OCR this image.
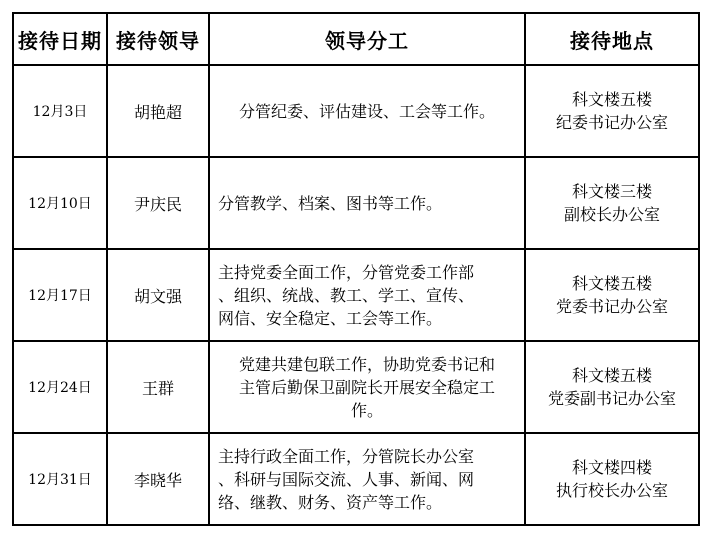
接待日期	接待领导	领导分工	接待地点
12月3日	胡艳超	分管纪委、评估建设、工会等工作。	科文楼五楼
纪委书记办公室

12月10日	尹庆民	分管教学、档案、图书等工作。	科文楼三楼
副校长办公室

12月17日	胡文强	主持党委全面工作，分管党委工作部
、组织、统战、教工、学工、宣传、
网信、安全稳定、工会等工作。	科文楼五楼
党委书记办公室

12月24日	王群	党建共建包联工作，协助党委书记和
主管后勤保卫副院长开展安全稳定工
作。	科文楼五楼
党委副书记办公室

12月31日	李晓华	主持行政全面工作，分管院长办公室
、科研与国际交流、人事、新闻、网
络、继教、财务、资产等工作。	科文楼四楼
执行校长办公室
